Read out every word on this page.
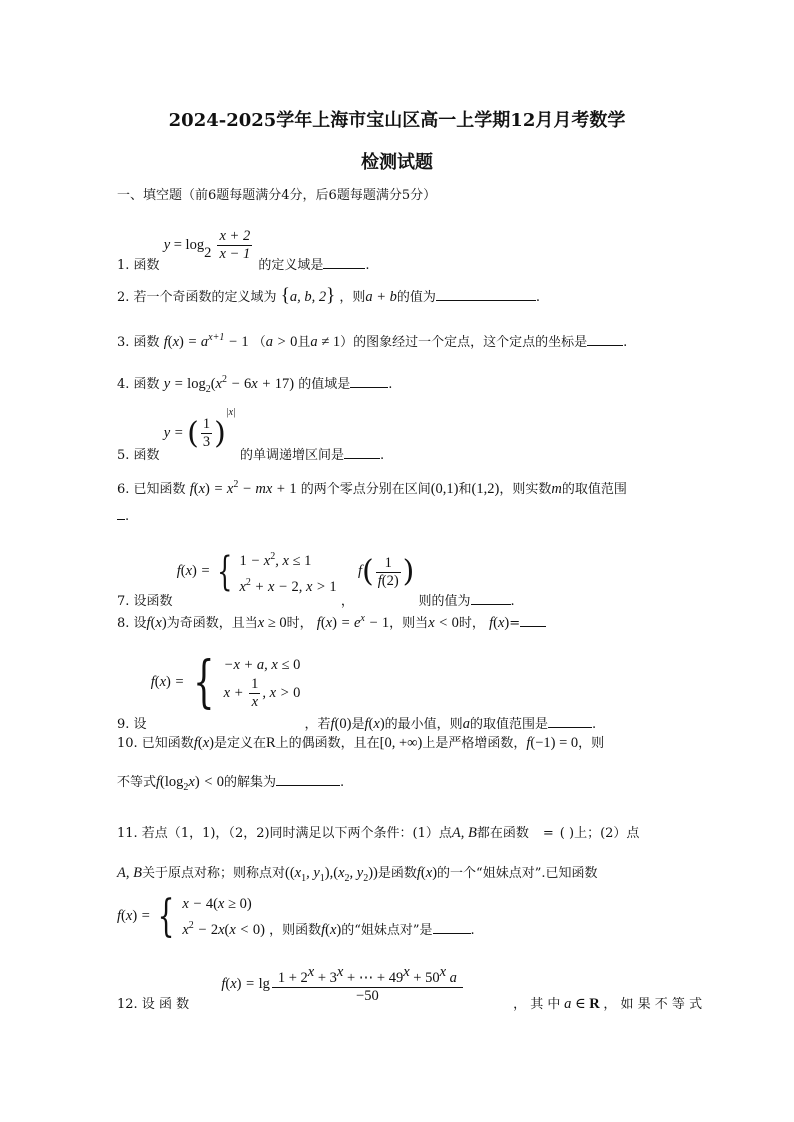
2024-2025学年上海市宝山区高一上学期12月月考数学
检测试题
一、填空题（前6题每题满分4分，后6题每题满分5分）
1. 函数 $y = \log_2 \frac{x + 2}{x - 1}$
的定义域是	.
2. 若一个奇函数的定义域为 {a, b, 2} ，则a + b的值为	.
3. 函数 $f(x) = a^{x+1} - 1$ （a > 0且a ≠ 1）的图象经过一个定点，这个定点的坐标是	.
4. 函数 $y = \log_2(x^2 - 6x + 17)$ 的值域是	.
5. 函数 y = ( $\frac{1}{3} )^{|x|}$ 的单调递增区间是	.
6. 已知函数 $f(x) = x^2$ − mx + 1 的两个零点分别在区间(0,1)和(1,2)，则实数m的取值范围
.
7. 设函数 f(x) = { $1 - x^2$, x ≤ 1
$x^2 + x - 2$, x > 1
， $f( \frac{1}{f(2)}$ ) 则的值为	.
8. 设f(x)为奇函数，且当x ≥ 0时， $f(x) = e^x - 1$，则当x < 0时， f(x)=
9. 设 f(x) = { −x + a, x ≤ 0
$x + \frac{1}{x}$ , x > 0
，若f(0)是f(x)的最小值，则a的取值范围是	.
10. 已知函数f(x)是定义在R上的偶函数，且在[0, +∞)上是严格增函数，f(−1) = 0，则
不等式$f(\log_2x) < 0$的解集为	.
11. 若点（1，1)，（2，2)同时满足以下两个条件：(1）点A, B都在函数 = ( )上；(2）点
A, B关于原点对称；则称点对(($x_1$, $y_1),(x_2$, $y_2$))是函数f(x)的一个“姐妹点对”.已知函数
f(x) = { x − 4(x ≥ 0)
$x^2 - 2x(x < 0)$ ，则函数f(x)的“姐妹点对”是	.
12. 设 函 数  $f(x) = \lg \frac{1 + 2^x + 3^x + \cdots + 49^x + 50^x a}{-50}$	， 其 中 a ∈ R ， 如 果 不 等 式
